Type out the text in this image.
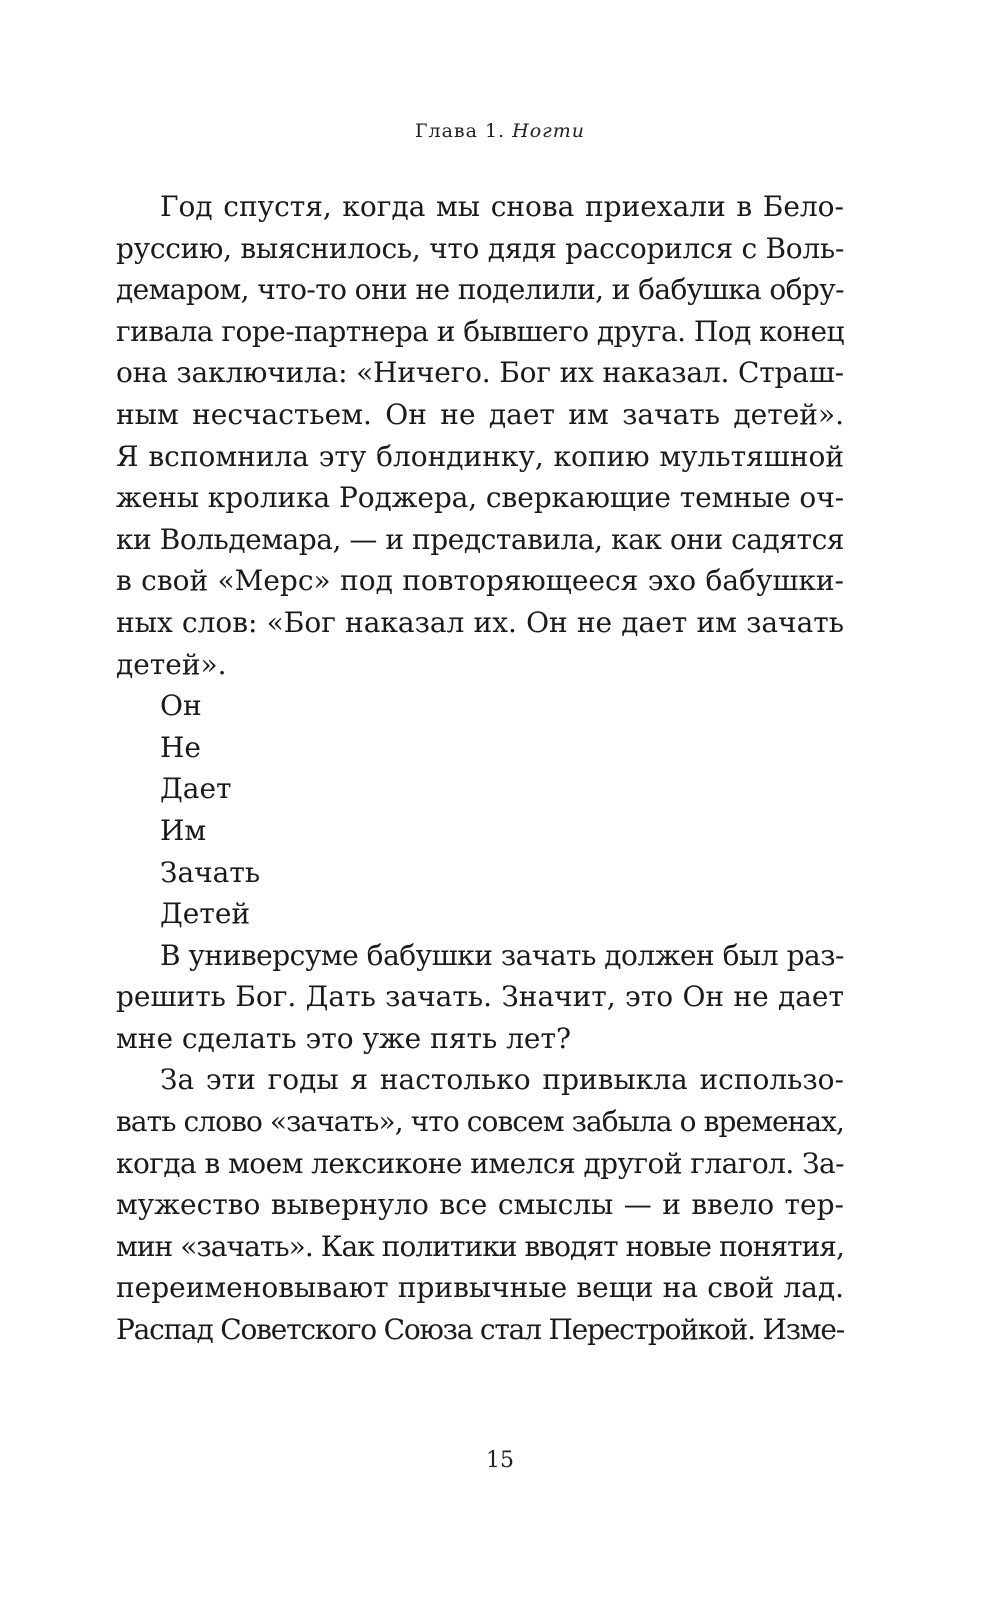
Глава 1. Ногти
Год спустя, когда мы снова приехали в Бело-
руссию, выяснилось, что дядя рассорился с Воль-
демаром, что-то они не поделили, и бабушка обру-
гивала горе-партнера и бывшего друга. Под конец
она заключила: «Ничего. Бог их наказал. Страш-
ным несчастьем. Он не дает им зачать детей».
Я вспомнила эту блондинку, копию мультяшной
жены кролика Роджера, сверкающие темные оч-
ки Вольдемара, — и представила, как они садятся
в свой «Мерс» под повторяющееся эхо бабушки-
ных слов: «Бог наказал их. Он не дает им зачать
детей».
Он
Не
Дает
Им
Зачать
Детей
В универсуме бабушки зачать должен был раз-
решить Бог. Дать зачать. Значит, это Он не дает
мне сделать это уже пять лет?
За эти годы я настолько привыкла использо-
вать слово «зачать», что совсем забыла о временах,
когда в моем лексиконе имелся другой глагол. За-
мужество вывернуло все смыслы — и ввело тер-
мин «зачать». Как политики вводят новые понятия,
переименовывают привычные вещи на свой лад.
Распад Советского Союза стал Перестройкой. Изме-
15
